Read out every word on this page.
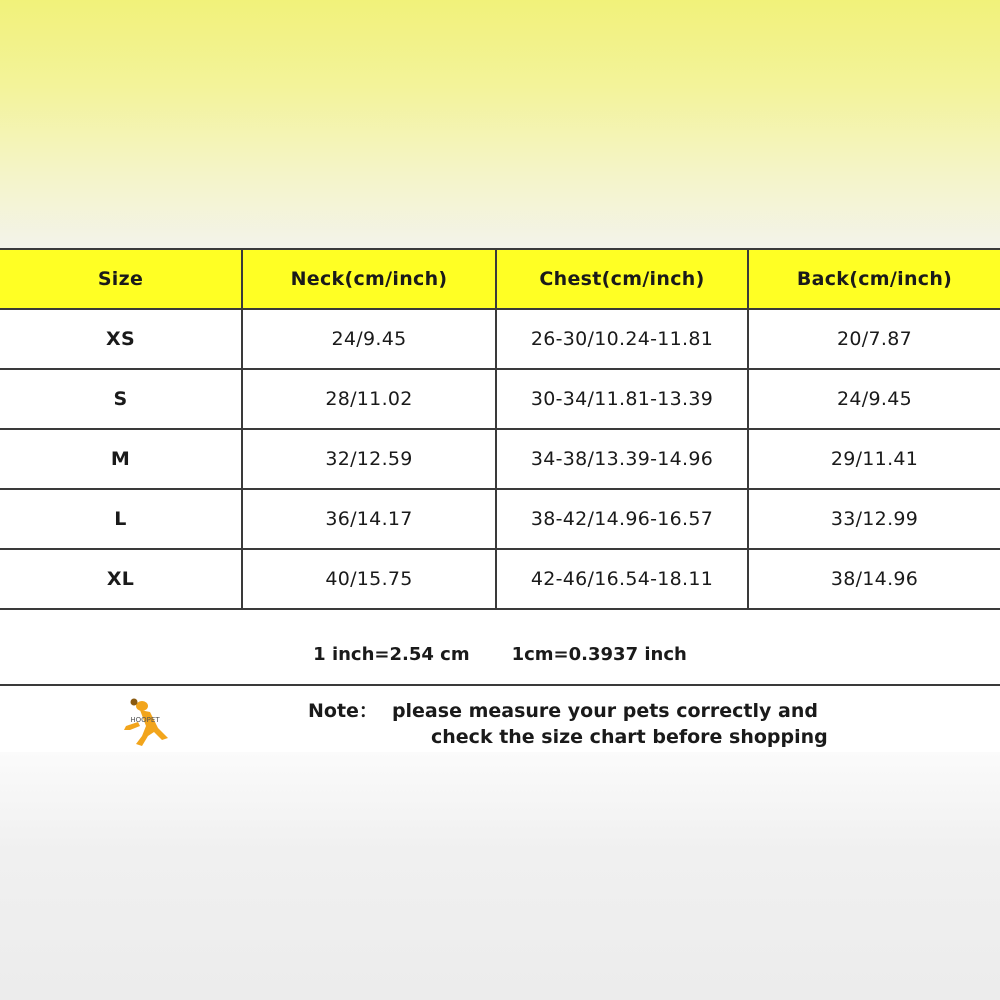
Size	Neck(cm/inch)	Chest(cm/inch)	Back(cm/inch)
XS	24/9.45	26-30/10.24-11.81	20/7.87
S	28/11.02	30-34/11.81-13.39	24/9.45
M	32/12.59	34-38/13.39-14.96	29/11.41
L	36/14.17	38-42/14.96-16.57	33/12.99
XL	40/15.75	42-46/16.54-18.11	38/14.96
1 inch=2.54 cm 1cm=0.3937 inch
HOOPET	Note： please measure your pets correctly and
check the size chart before shopping
